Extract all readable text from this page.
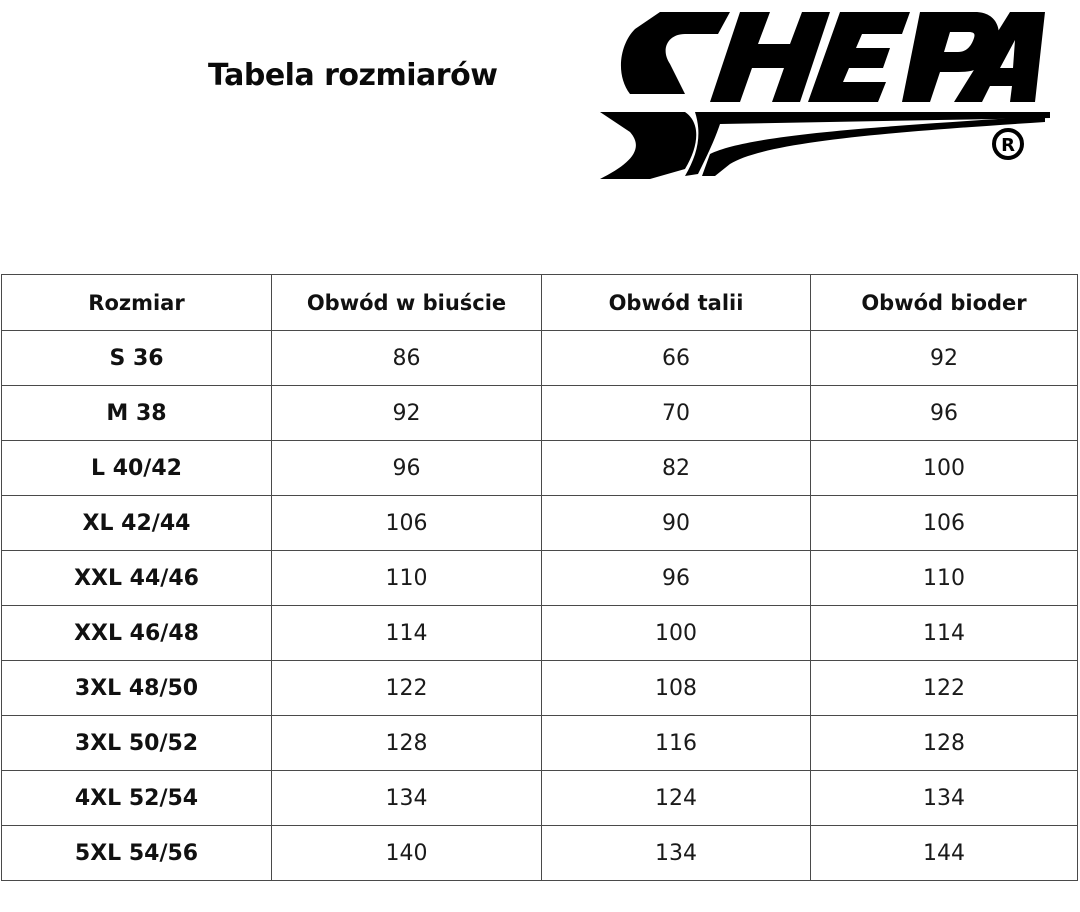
Tabela rozmiarów
R
Rozmiar	Obwód w biuście	Obwód talii	Obwód bioder
S 36	86	66	92
M 38	92	70	96
L 40/42	96	82	100
XL 42/44	106	90	106
XXL 44/46	110	96	110
XXL 46/48	114	100	114
3XL 48/50	122	108	122
3XL 50/52	128	116	128
4XL 52/54	134	124	134
5XL 54/56	140	134	144
